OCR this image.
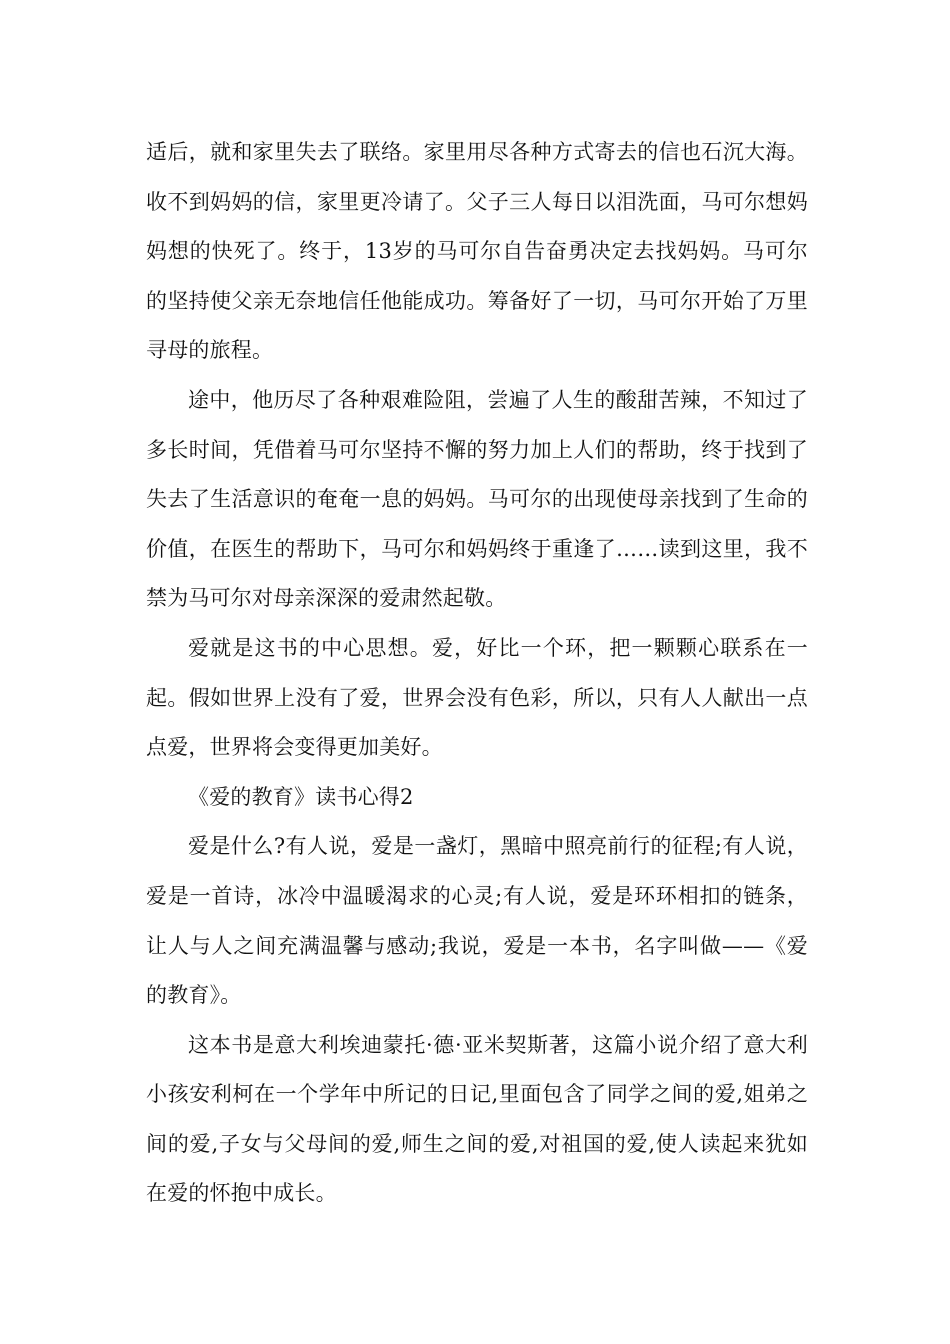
适后，就和家里失去了联络。家里用尽各种方式寄去的信也石沉大海。收不到妈妈的信，家里更冷请了。父子三人每日以泪洗面，马可尔想妈妈想的快死了。终于，13岁的马可尔自告奋勇决定去找妈妈。马可尔的坚持使父亲无奈地信任他能成功。筹备好了一切，马可尔开始了万里寻母的旅程。

途中，他历尽了各种艰难险阻，尝遍了人生的酸甜苦辣，不知过了多长时间，凭借着马可尔坚持不懈的努力加上人们的帮助，终于找到了失去了生活意识的奄奄一息的妈妈。马可尔的出现使母亲找到了生命的价值，在医生的帮助下，马可尔和妈妈终于重逢了……读到这里，我不禁为马可尔对母亲深深的爱肃然起敬。

爱就是这书的中心思想。爱，好比一个环，把一颗颗心联系在一起。假如世界上没有了爱，世界会没有色彩，所以，只有人人献出一点点爱，世界将会变得更加美好。

《爱的教育》读书心得2

爱是什么?有人说，爱是一盏灯，黑暗中照亮前行的征程;有人说，爱是一首诗，冰冷中温暖渴求的心灵;有人说，爱是环环相扣的链条，让人与人之间充满温馨与感动;我说，爱是一本书，名字叫做——《爱的教育》。

这本书是意大利埃迪蒙托·德·亚米契斯著，这篇小说介绍了意大利小孩安利柯在一个学年中所记的日记,里面包含了同学之间的爱,姐弟之间的爱,子女与父母间的爱,师生之间的爱,对祖国的爱,使人读起来犹如在爱的怀抱中成长。
